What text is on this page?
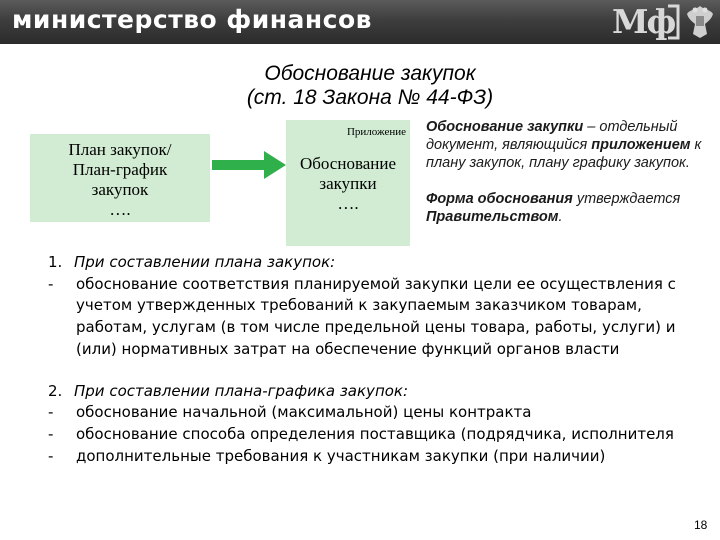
министерство финансов	Мф
Обоснование закупок
(ст. 18 Закона № 44-ФЗ)
План закупок/
План-график
закупок
….
Приложение
Обоснование
закупки
….

Обоснование закупки – отдельный документ, являющийся приложением к плану закупок, плану графику закупок.

Форма обоснования утверждается Правительством.

1. При составлении плана закупок:
-	обоснование соответствия планируемой закупки цели ее осуществления с учетом утвержденных требований к закупаемым заказчиком товарам, работам, услугам (в том числе предельной цены товара, работы, услуги) и (или) нормативных затрат на обеспечение функций органов власти
2. При составлении плана-графика закупок:
-	обоснование начальной (максимальной) цены контракта
-	обоснование способа определения поставщика (подрядчика, исполнителя
-	дополнительные требования к участникам закупки (при наличии)
18
